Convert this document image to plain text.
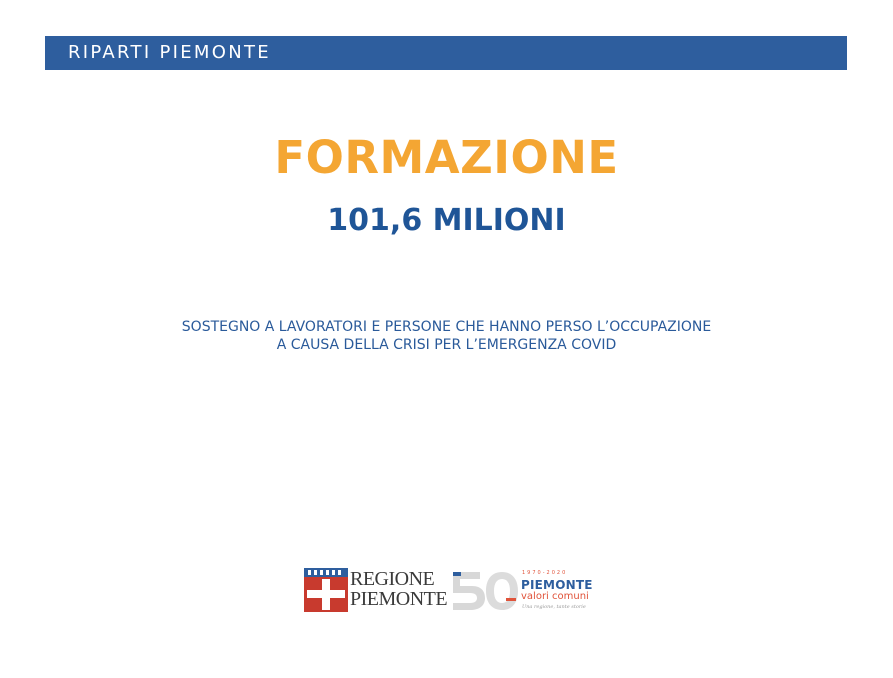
RIPARTI PIEMONTE
FORMAZIONE
101,6 MILIONI
SOSTEGNO A LAVORATORI E PERSONE CHE HANNO PERSO L’OCCUPAZIONE
A CAUSA DELLA CRISI PER L’EMERGENZA COVID
REGIONE
PIEMONTE
1970-2020
PIEMONTE
valori comuni
Una regione, tante storie
